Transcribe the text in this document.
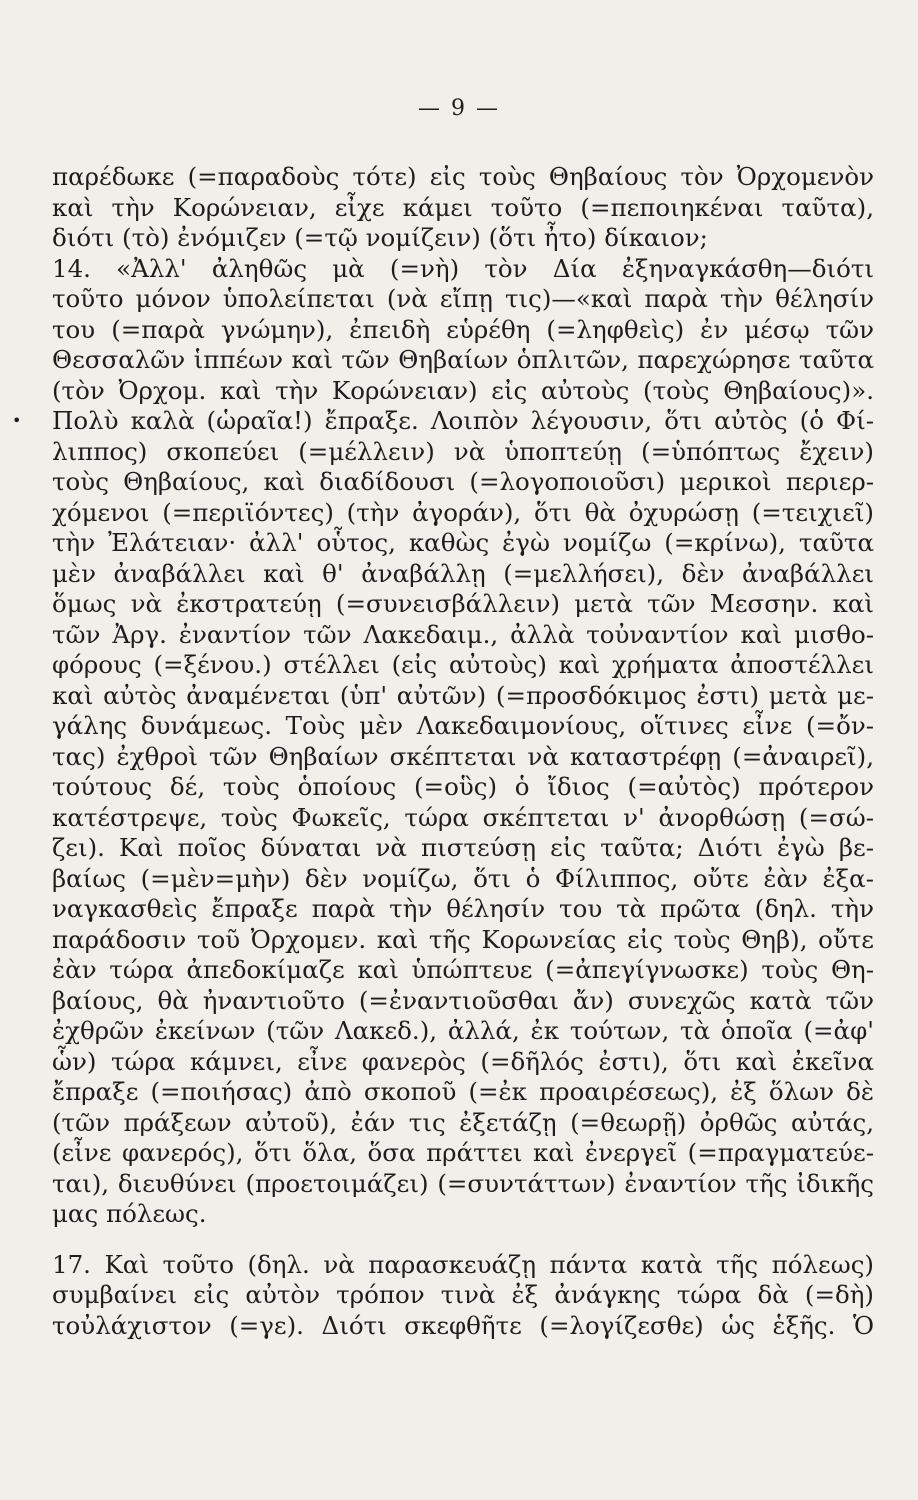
— 9 —
παρέδωκε (=παραδοὺς τότε) εἰς τοὺς Θηβαίους τὸν Ὀρχομενὸν
καὶ τὴν Κορώνειαν, εἶχε κάμει τοῦτο (=πεποιηκέναι ταῦτα),
διότι (τὸ) ἐνόμιζεν (=τῷ νομίζειν) (ὅτι ἦτο) δίκαιον;
14. «Ἀλλ' ἀληθῶς μὰ (=νὴ) τὸν Δία ἐξηναγκάσθη—διότι
τοῦτο μόνον ὑπολείπεται (νὰ εἴπῃ τις)—«καὶ παρὰ τὴν θέλησίν
του (=παρὰ γνώμην), ἐπειδὴ εὑρέθη (=ληφθεὶς) ἐν μέσῳ τῶν
Θεσσαλῶν ἱππέων καὶ τῶν Θηβαίων ὁπλιτῶν, παρεχώρησε ταῦτα
(τὸν Ὀρχομ. καὶ τὴν Κορώνειαν) εἰς αὐτοὺς (τοὺς Θηβαίους)».
Πολὺ καλὰ (ὡραῖα!) ἔπραξε. Λοιπὸν λέγουσιν, ὅτι αὐτὸς (ὁ Φί-
λιππος) σκοπεύει (=μέλλειν) νὰ ὑποπτεύῃ (=ὑπόπτως ἔχειν)
τοὺς Θηβαίους, καὶ διαδίδουσι (=λογοποιοῦσι) μερικοὶ περιερ-
χόμενοι (=περιϊόντες) (τὴν ἀγοράν), ὅτι θὰ ὀχυρώσῃ (=τειχιεῖ)
τὴν Ἐλάτειαν· ἀλλ' οὗτος, καθὼς ἐγὼ νομίζω (=κρίνω), ταῦτα
μὲν ἀναβάλλει καὶ θ' ἀναβάλλῃ (=μελλήσει), δὲν ἀναβάλλει
ὅμως νὰ ἐκστρατεύῃ (=συνεισβάλλειν) μετὰ τῶν Μεσσην. καὶ
τῶν Ἀργ. ἐναντίον τῶν Λακεδαιμ., ἀλλὰ τοὐναντίον καὶ μισθο-
φόρους (=ξένου.) στέλλει (εἰς αὐτοὺς) καὶ χρήματα ἀποστέλλει
καὶ αὐτὸς ἀναμένεται (ὑπ' αὐτῶν) (=προσδόκιμος ἐστι) μετὰ με-
γάλης δυνάμεως. Τοὺς μὲν Λακεδαιμονίους, οἵτινες εἶνε (=ὄν-
τας) ἐχθροὶ τῶν Θηβαίων σκέπτεται νὰ καταστρέφῃ (=ἀναιρεῖ),
τούτους δέ, τοὺς ὁποίους (=οὓς) ὁ ἴδιος (=αὐτὸς) πρότερον
κατέστρεψε, τοὺς Φωκεῖς, τώρα σκέπτεται ν' ἀνορθώσῃ (=σώ-
ζει). Καὶ ποῖος δύναται νὰ πιστεύσῃ εἰς ταῦτα; Διότι ἐγὼ βε-
βαίως (=μὲν=μὴν) δὲν νομίζω, ὅτι ὁ Φίλιππος, οὔτε ἐὰν ἐξα-
ναγκασθεὶς ἔπραξε παρὰ τὴν θέλησίν του τὰ πρῶτα (δηλ. τὴν
παράδοσιν τοῦ Ὀρχομεν. καὶ τῆς Κορωνείας εἰς τοὺς Θηβ), οὔτε
ἐὰν τώρα ἀπεδοκίμαζε καὶ ὑπώπτευε (=ἀπεγίγνωσκε) τοὺς Θη-
βαίους, θὰ ἠναντιοῦτο (=ἐναντιοῦσθαι ἄν) συνεχῶς κατὰ τῶν
ἐχθρῶν ἐκείνων (τῶν Λακεδ.), ἀλλά, ἐκ τούτων, τὰ ὁποῖα (=ἀφ'
ὧν) τώρα κάμνει, εἶνε φανερὸς (=δῆλός ἐστι), ὅτι καὶ ἐκεῖνα
ἔπραξε (=ποιήσας) ἀπὸ σκοποῦ (=ἐκ προαιρέσεως), ἐξ ὅλων δὲ
(τῶν πράξεων αὐτοῦ), ἐάν τις ἐξετάζῃ (=θεωρῇ) ὀρθῶς αὐτάς,
(εἶνε φανερός), ὅτι ὅλα, ὅσα πράττει καὶ ἐνεργεῖ (=πραγματεύε-
ται), διευθύνει (προετοιμάζει) (=συντάττων) ἐναντίον τῆς ἰδικῆς
μας πόλεως.
17. Καὶ τοῦτο (δηλ. νὰ παρασκευάζῃ πάντα κατὰ τῆς πόλεως)
συμβαίνει εἰς αὐτὸν τρόπον τινὰ ἐξ ἀνάγκης τώρα δὰ (=δὴ)
τοὐλάχιστον (=γε). Διότι σκεφθῆτε (=λογίζεσθε) ὡς ἑξῆς. Ὁ
•
